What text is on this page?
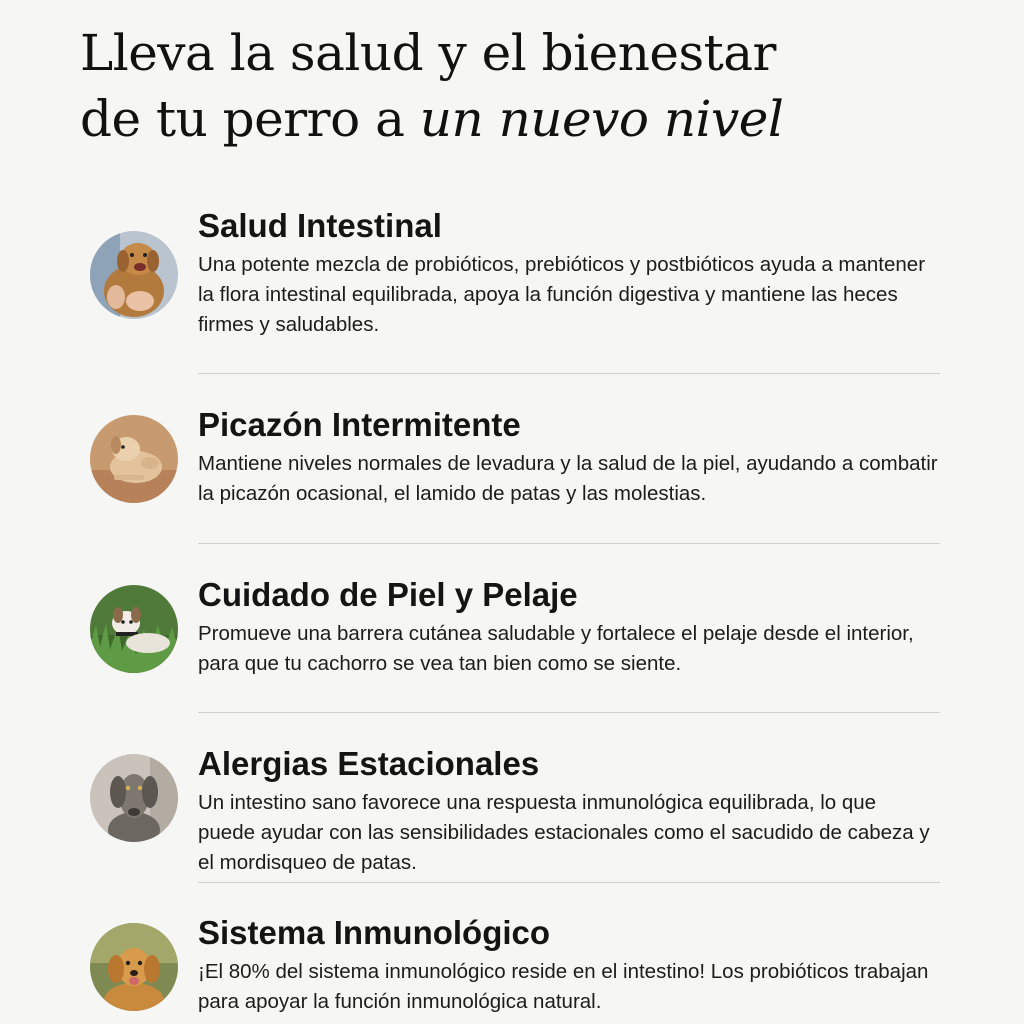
Lleva la salud y el bienestar
de tu perro a un nuevo nivel
Salud Intestinal

Una potente mezcla de probióticos, prebióticos y postbióticos ayuda a mantener la flora intestinal equilibrada, apoya la función digestiva y mantiene las heces firmes y saludables.

Picazón Intermitente

Mantiene niveles normales de levadura y la salud de la piel, ayudando a combatir la picazón ocasional, el lamido de patas y las molestias.

Cuidado de Piel y Pelaje

Promueve una barrera cutánea saludable y fortalece el pelaje desde el interior, para que tu cachorro se vea tan bien como se siente.

Alergias Estacionales

Un intestino sano favorece una respuesta inmunológica equilibrada, lo que puede ayudar con las sensibilidades estacionales como el sacudido de cabeza y el mordisqueo de patas.

Sistema Inmunológico

¡El 80% del sistema inmunológico reside en el intestino! Los probióticos trabajan para apoyar la función inmunológica natural.
